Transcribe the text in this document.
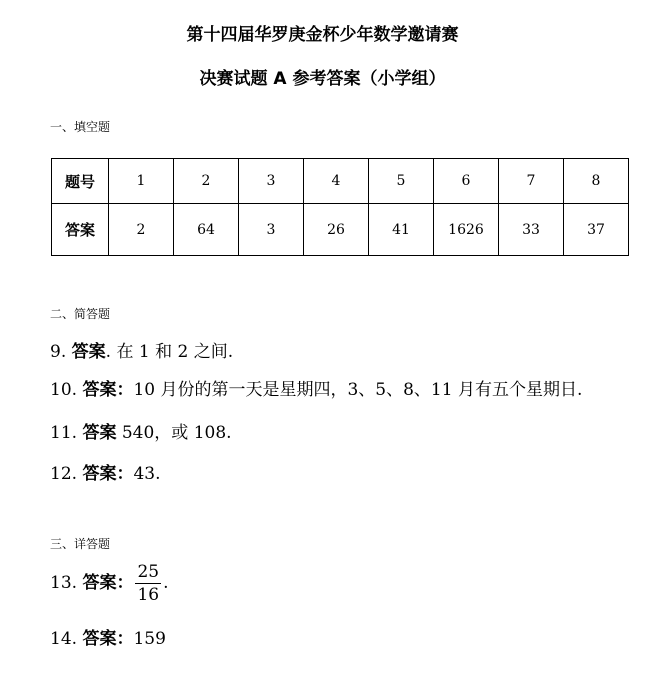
第十四届华罗庚金杯少年数学邀请赛
决赛试题 A 参考答案（小学组）
一、填空题
题号	1	2	3	4	5	6	7	8
答案	2	64	3	26	41	1626	33	37
二、简答题
9. 答案. 在 1 和 2 之间.
10. 答案：10 月份的第一天是星期四，3、5、8、11 月有五个星期日.
11. 答案 540，或 108.
12. 答案：43.
三、详答题
13. 答案： $\frac{25}{16}$ .
14. 答案：159
